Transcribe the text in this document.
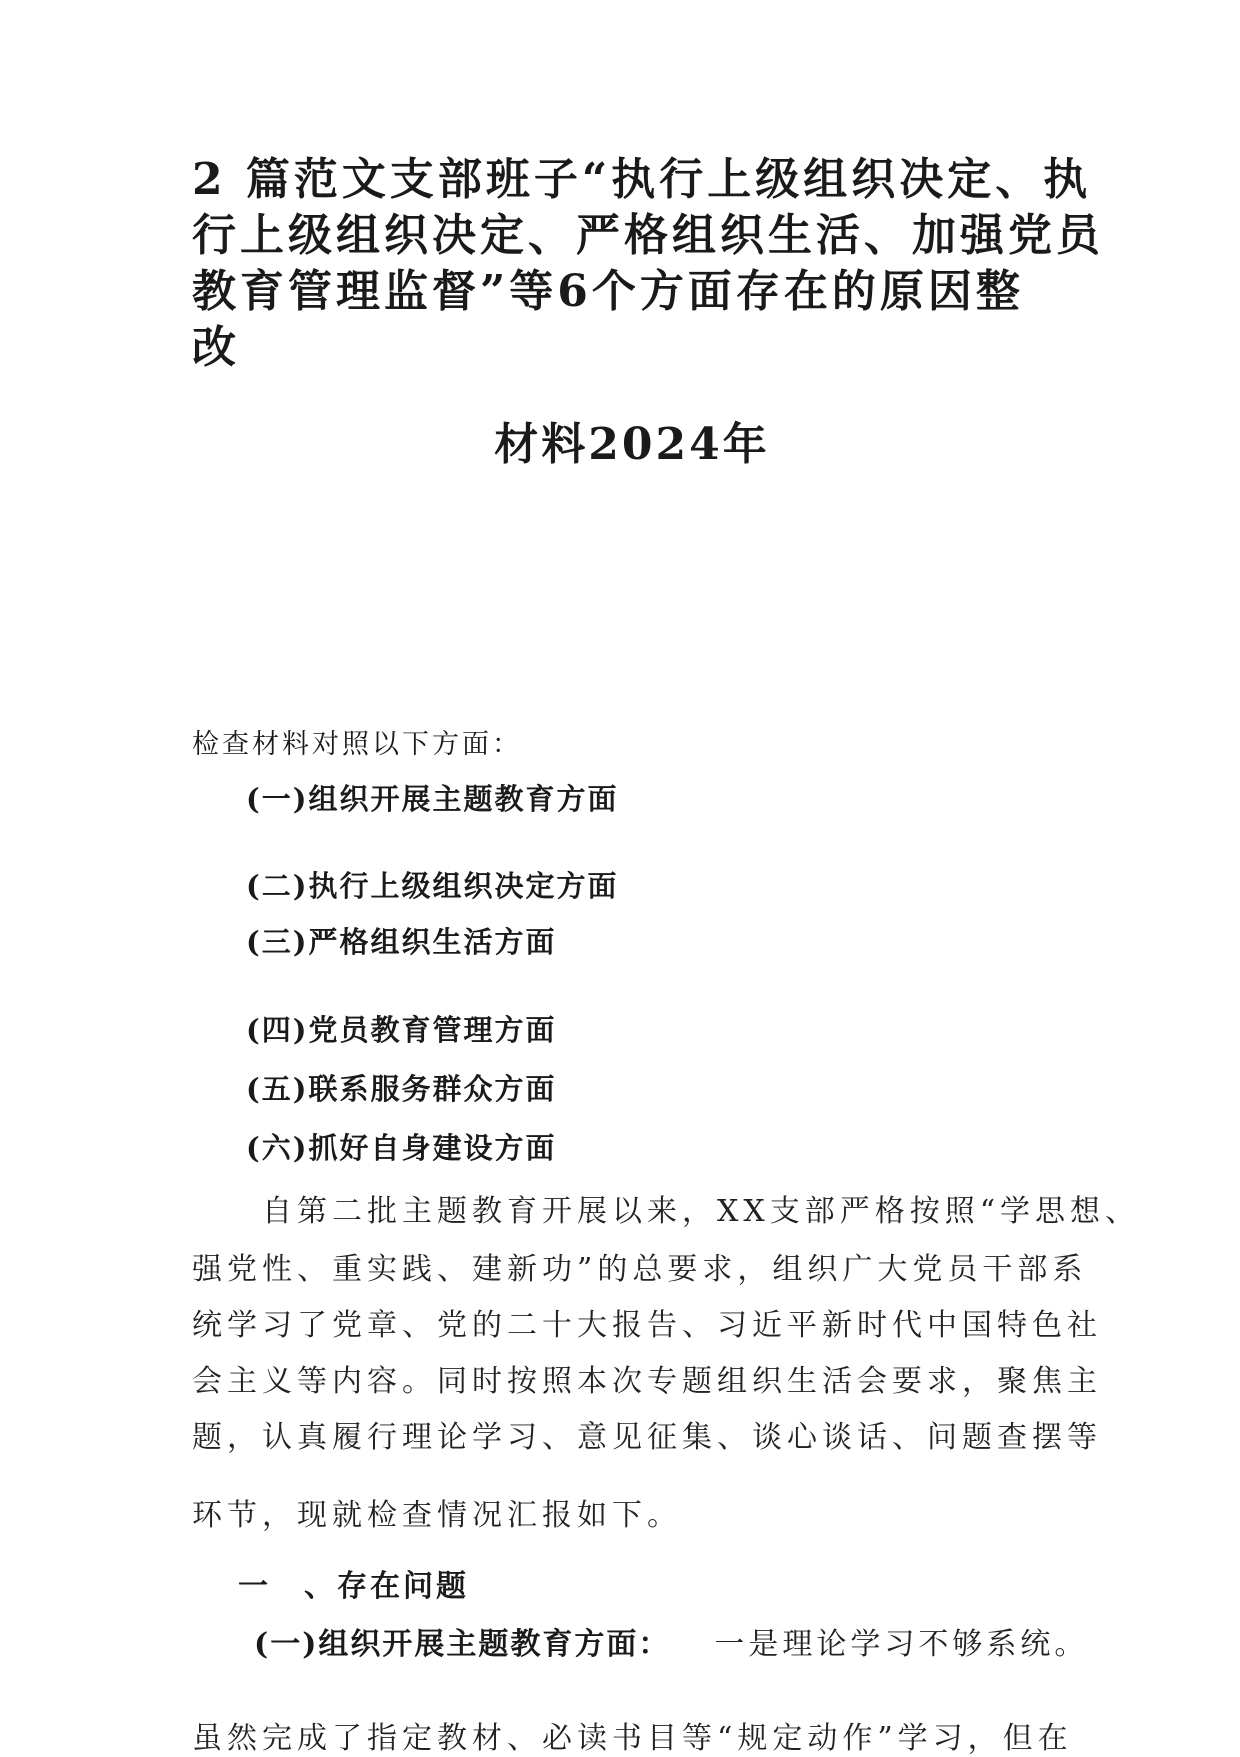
2 篇范文支部班子“执行上级组织决定、执
行上级组织决定、严格组织生活、加强党员
教育管理监督”等6个方面存在的原因整
改
材料2024年
检查材料对照以下方面：
(一)组织开展主题教育方面
(二)执行上级组织决定方面
(三)严格组织生活方面
(四)党员教育管理方面
(五)联系服务群众方面
(六)抓好自身建设方面
　　自第二批主题教育开展以来，XX支部严格按照“学思想、
强党性、重实践、建新功”的总要求，组织广大党员干部系
统学习了党章、党的二十大报告、习近平新时代中国特色社
会主义等内容。同时按照本次专题组织生活会要求，聚焦主
题，认真履行理论学习、意见征集、谈心谈话、问题查摆等
环节，现就检查情况汇报如下。
一　、存在问题
(一)组织开展主题教育方面： 一是理论学习不够系统。
虽然完成了指定教材、必读书目等“规定动作”学习，但在
